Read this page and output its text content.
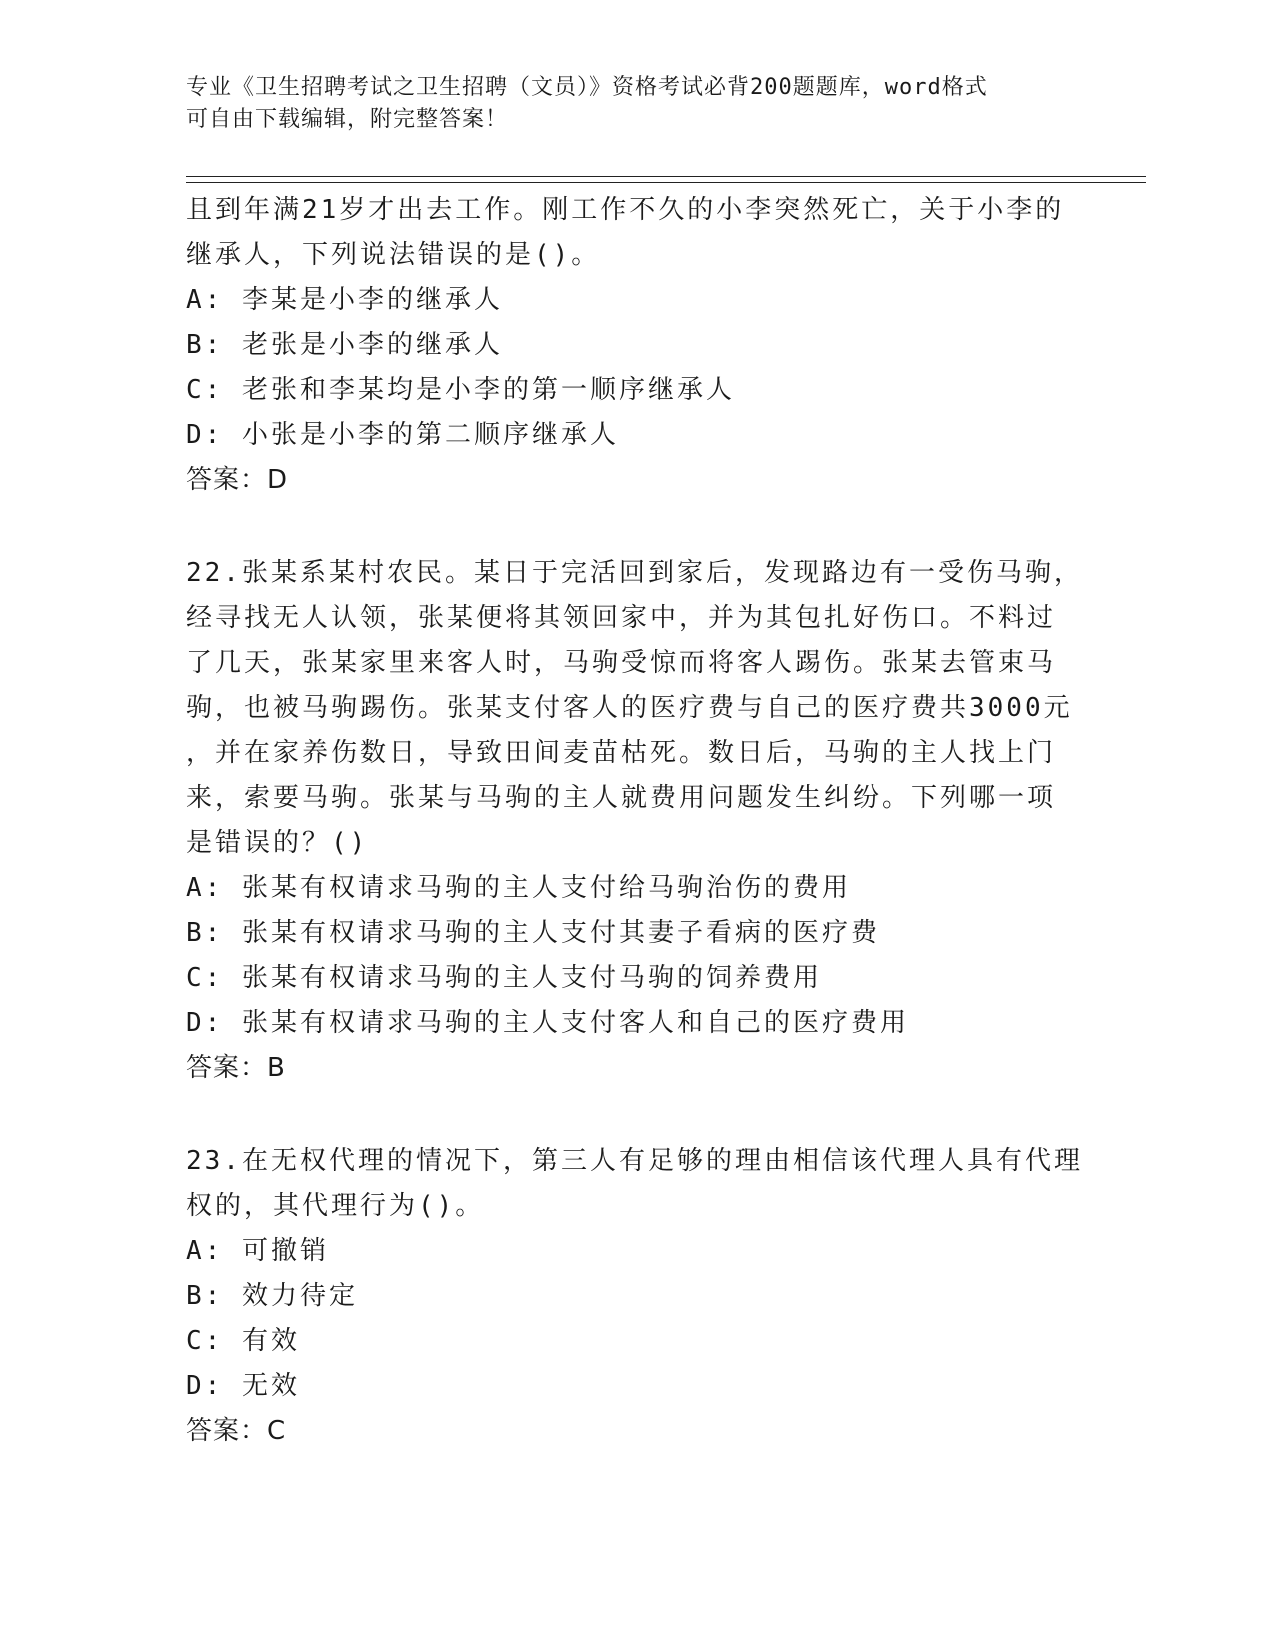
专业《卫生招聘考试之卫生招聘（文员）》资格考试必背200题题库，word格式
可自由下载编辑，附完整答案！
且到年满21岁才出去工作。刚工作不久的小李突然死亡，关于小李的
继承人，下列说法错误的是()。
A: 李某是小李的继承人
B: 老张是小李的继承人
C: 老张和李某均是小李的第一顺序继承人
D: 小张是小李的第二顺序继承人
答案：D
22.张某系某村农民。某日于完活回到家后，发现路边有一受伤马驹，
经寻找无人认领，张某便将其领回家中，并为其包扎好伤口。不料过
了几天，张某家里来客人时，马驹受惊而将客人踢伤。张某去管束马
驹，也被马驹踢伤。张某支付客人的医疗费与自己的医疗费共3000元
，并在家养伤数日，导致田间麦苗枯死。数日后，马驹的主人找上门
来，索要马驹。张某与马驹的主人就费用问题发生纠纷。下列哪一项
是错误的？()
A: 张某有权请求马驹的主人支付给马驹治伤的费用
B: 张某有权请求马驹的主人支付其妻子看病的医疗费
C: 张某有权请求马驹的主人支付马驹的饲养费用
D: 张某有权请求马驹的主人支付客人和自己的医疗费用
答案：B
23.在无权代理的情况下，第三人有足够的理由相信该代理人具有代理
权的，其代理行为()。
A: 可撤销
B: 效力待定
C: 有效
D: 无效
答案：C
